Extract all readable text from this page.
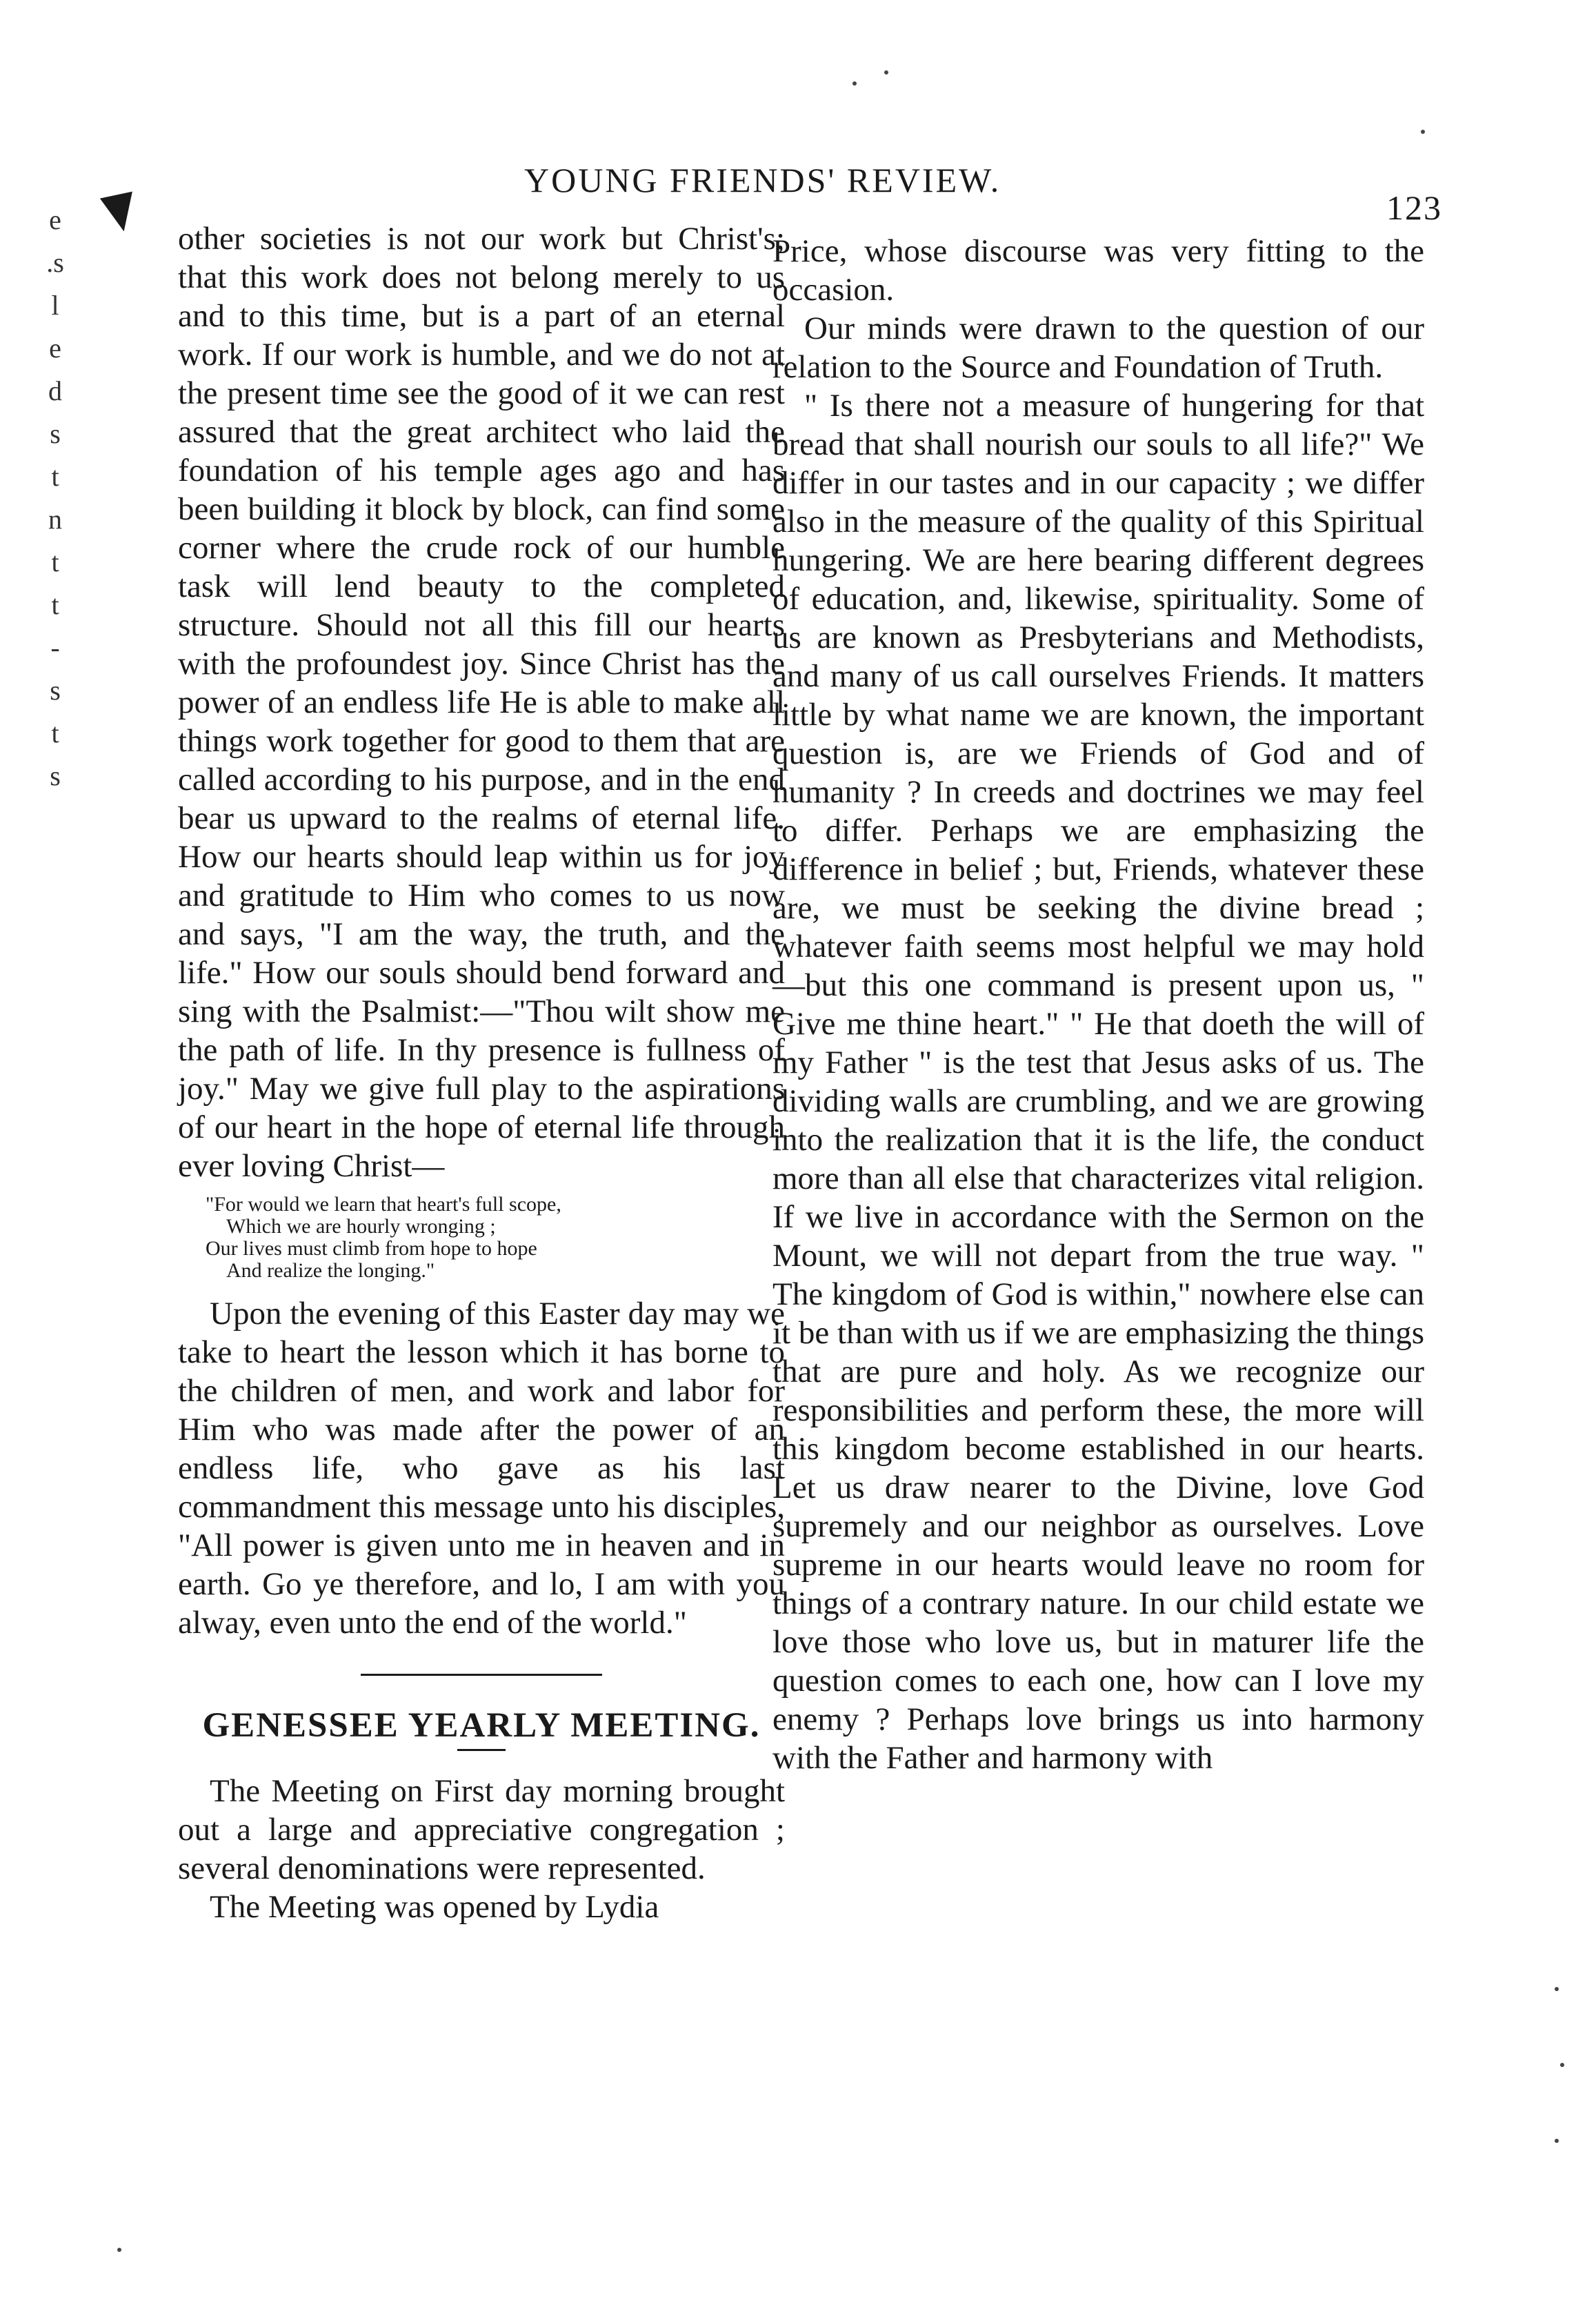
e
.s
l
e
d
s
t
n
t
t
-
s
t
s
YOUNG FRIENDS' REVIEW.
123

other societies is not our work but Christ's; that this work does not belong merely to us and to this time, but is a part of an eternal work. If our work is humble, and we do not at the present time see the good of it we can rest assured that the great architect who laid the foundation of his temple ages ago and has been building it block by block, can find some corner where the crude rock of our humble task will lend beauty to the completed structure. Should not all this fill our hearts with the profoundest joy. Since Christ has the power of an endless life He is able to make all things work together for good to them that are called according to his purpose, and in the end bear us upward to the realms of eternal life. How our hearts should leap within us for joy and gratitude to Him who comes to us now and says, "I am the way, the truth, and the life." How our souls should bend forward and sing with the Psalmist:—"Thou wilt show me the path of life. In thy presence is fullness of joy." May we give full play to the aspirations of our heart in the hope of eternal life through ever loving Christ—

"For would we learn that heart's full scope,
Which we are hourly wronging ;
Our lives must climb from hope to hope
And realize the longing."

Upon the evening of this Easter day may we take to heart the lesson which it has borne to the children of men, and work and labor for Him who was made after the power of an endless life, who gave as his last commandment this message unto his disciples, "All power is given unto me in heaven and in earth. Go ye therefore, and lo, I am with you alway, even unto the end of the world."

GENESSEE YEARLY MEETING.

The Meeting on First day morning brought out a large and appreciative congregation ; several denominations were represented.

The Meeting was opened by Lydia

Price, whose discourse was very fitting to the occasion.

Our minds were drawn to the question of our relation to the Source and Foundation of Truth.

" Is there not a measure of hungering for that bread that shall nourish our souls to all life?" We differ in our tastes and in our capacity ; we differ also in the measure of the quality of this Spiritual hungering. We are here bearing different degrees of education, and, likewise, spirituality. Some of us are known as Presbyterians and Methodists, and many of us call ourselves Friends. It matters little by what name we are known, the important question is, are we Friends of God and of humanity ? In creeds and doctrines we may feel to differ. Perhaps we are emphasizing the difference in belief ; but, Friends, whatever these are, we must be seeking the divine bread ; whatever faith seems most helpful we may hold—but this one command is present upon us, " Give me thine heart." " He that doeth the will of my Father " is the test that Jesus asks of us. The dividing walls are crumbling, and we are growing into the realization that it is the life, the conduct more than all else that characterizes vital religion. If we live in accordance with the Sermon on the Mount, we will not depart from the true way. " The kingdom of God is within," nowhere else can it be than with us if we are emphasizing the things that are pure and holy. As we recognize our responsibilities and perform these, the more will this kingdom become established in our hearts. Let us draw nearer to the Divine, love God supremely and our neighbor as ourselves. Love supreme in our hearts would leave no room for things of a contrary nature. In our child estate we love those who love us, but in maturer life the question comes to each one, how can I love my enemy ? Perhaps love brings us into harmony with the Father and harmony with
